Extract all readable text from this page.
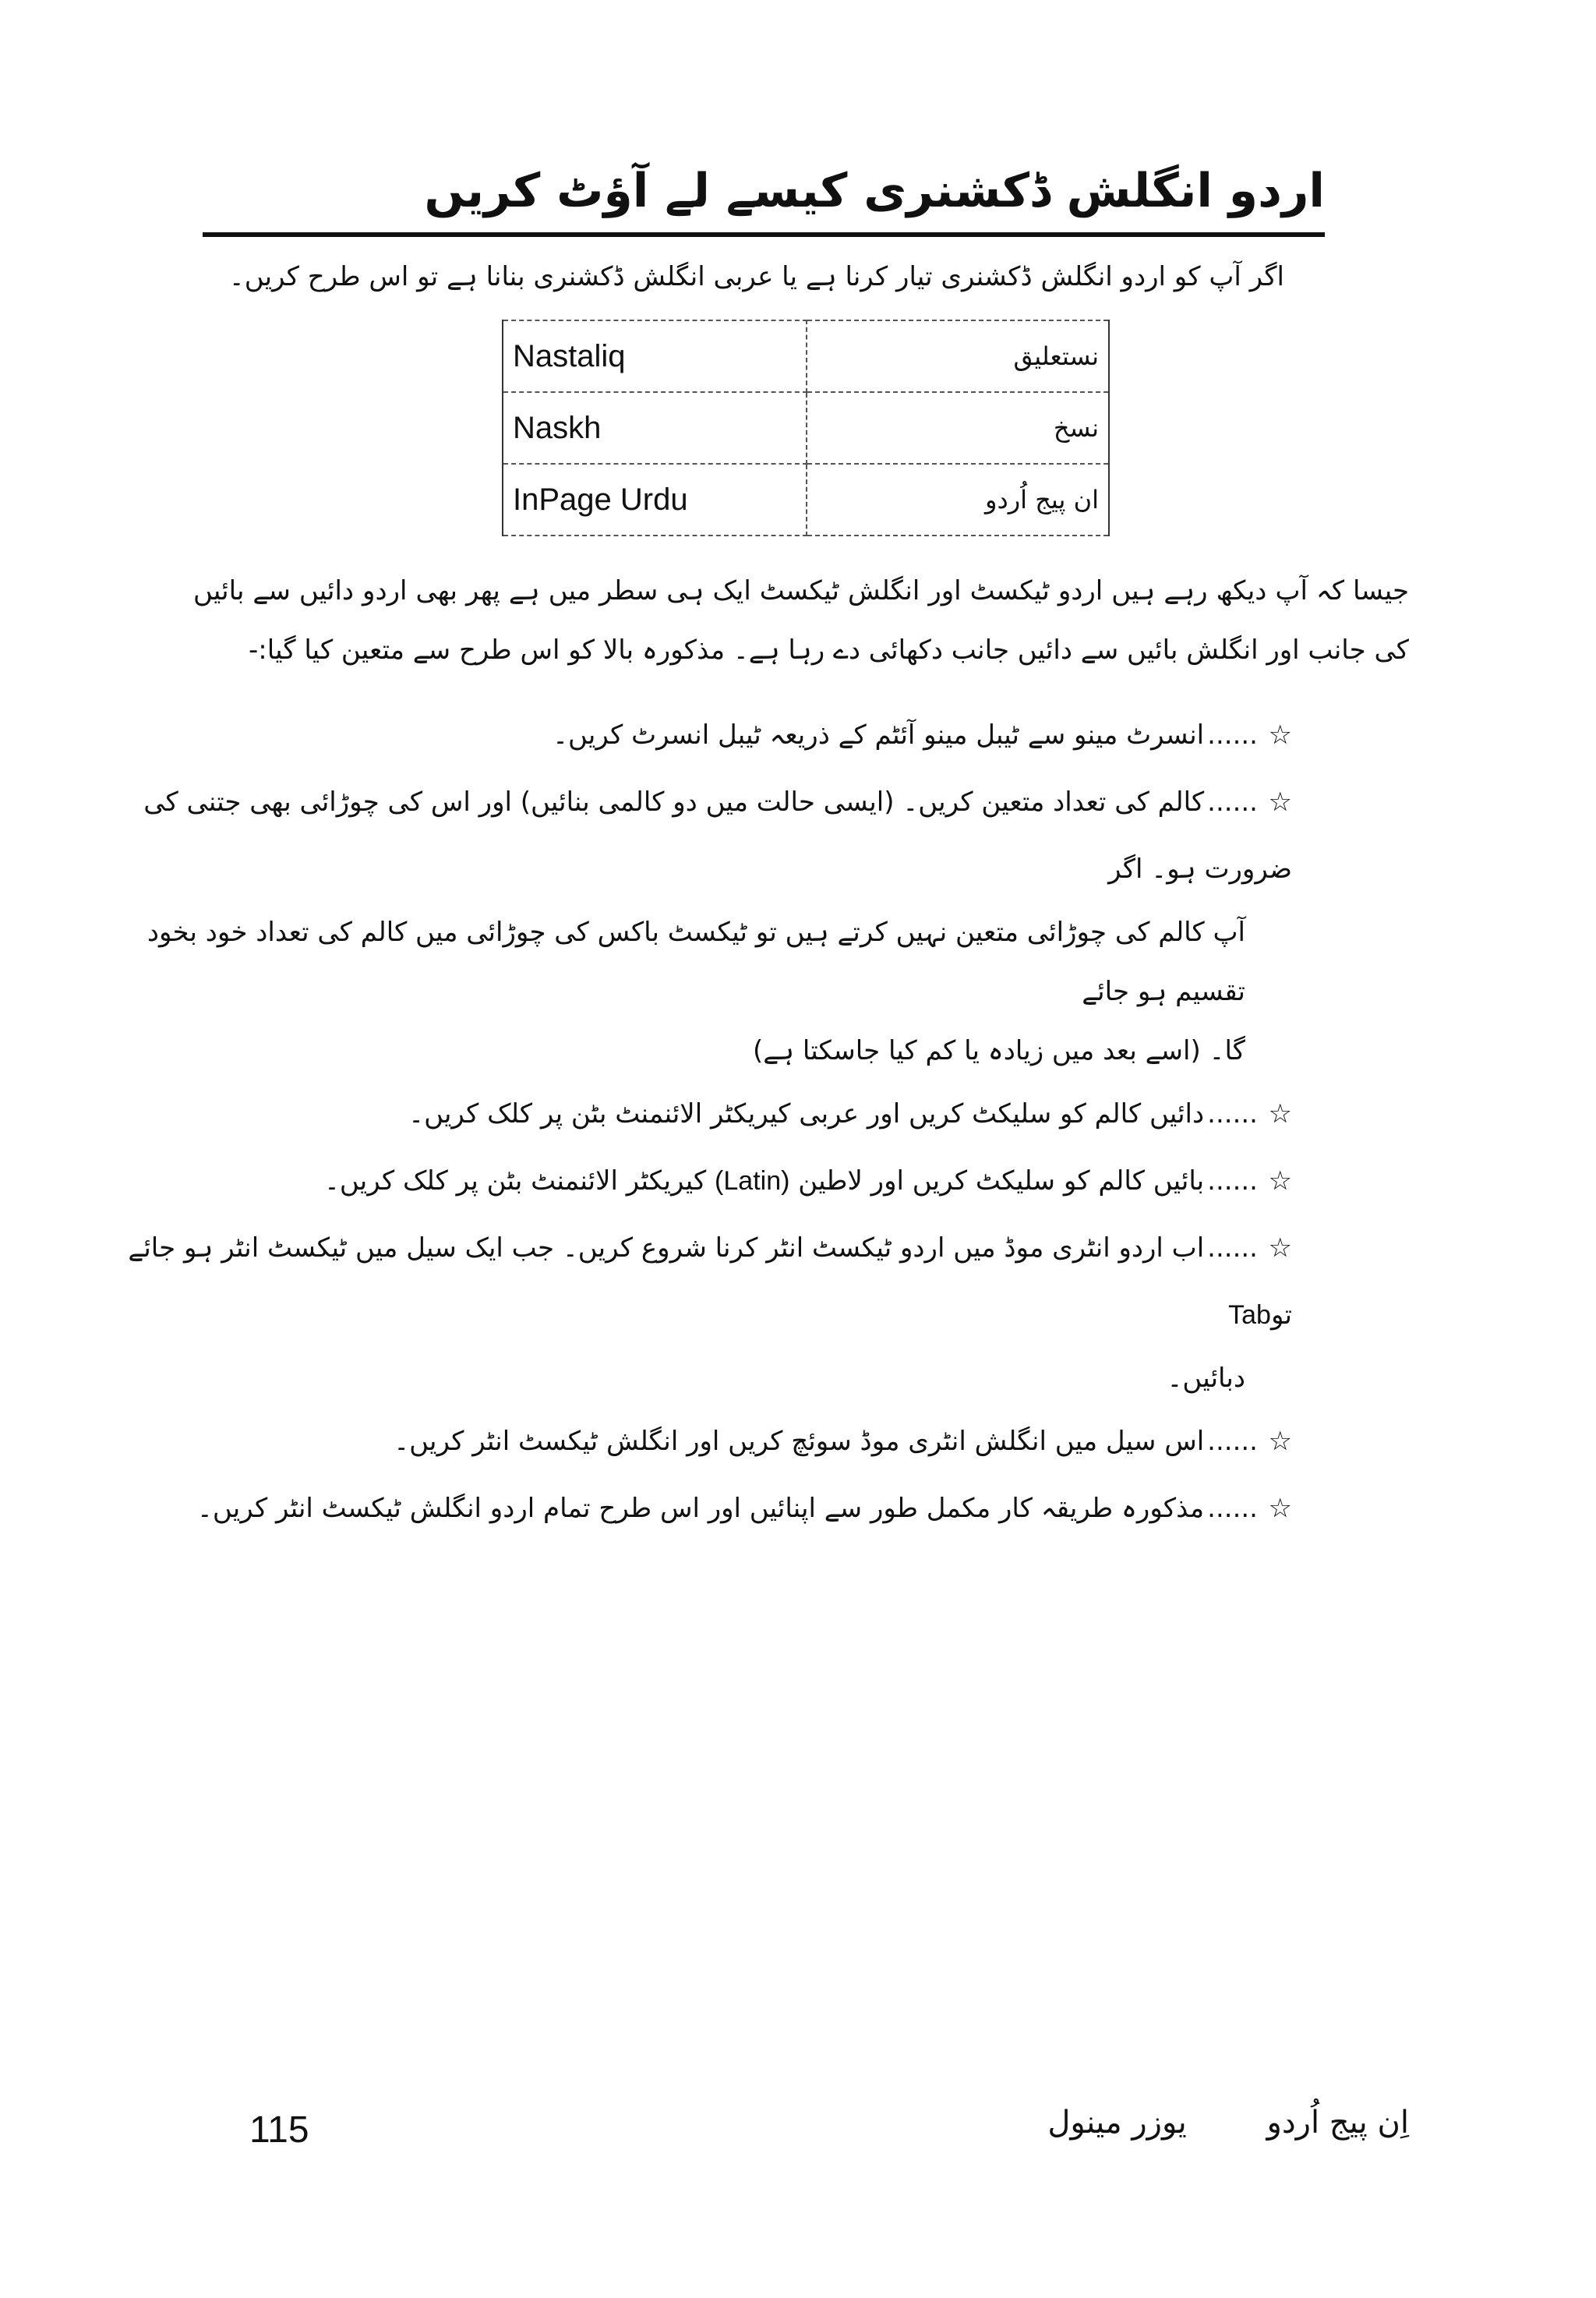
اردو انگلش ڈکشنری کیسے لے آؤٹ کریں

اگر آپ کو اردو انگلش ڈکشنری تیار کرنا ہے یا عربی انگلش ڈکشنری بنانا ہے تو اس طرح کریں۔

Nastaliq	نستعلیق
Naskh	نسخ
InPage Urdu	ان پیج اُردو

جیسا کہ آپ دیکھ رہے ہیں اردو ٹیکسٹ اور انگلش ٹیکسٹ ایک ہی سطر میں ہے پھر بھی اردو دائیں سے بائیں کی جانب اور انگلش بائیں سے دائیں جانب دکھائی دے رہا ہے۔ مذکورہ بالا کو اس طرح سے متعین کیا گیا:-

☆......انسرٹ مینو سے ٹیبل مینو آئٹم کے ذریعہ ٹیبل انسرٹ کریں۔
☆......کالم کی تعداد متعین کریں۔ (ایسی حالت میں دو کالمی بنائیں) اور اس کی چوڑائی بھی جتنی کی ضرورت ہو۔ اگر
آپ کالم کی چوڑائی متعین نہیں کرتے ہیں تو ٹیکسٹ باکس کی چوڑائی میں کالم کی تعداد خود بخود تقسیم ہو جائے
گا۔ (اسے بعد میں زیادہ یا کم کیا جاسکتا ہے)
☆......دائیں کالم کو سلیکٹ کریں اور عربی کیریکٹر الائنمنٹ بٹن پر کلک کریں۔
☆......بائیں کالم کو سلیکٹ کریں اور لاطین (Latin) کیریکٹر الائنمنٹ بٹن پر کلک کریں۔
☆......اب اردو انٹری موڈ میں اردو ٹیکسٹ انٹر کرنا شروع کریں۔ جب ایک سیل میں ٹیکسٹ انٹر ہو جائے توTab
دبائیں۔
☆......اس سیل میں انگلش انٹری موڈ سوئچ کریں اور انگلش ٹیکسٹ انٹر کریں۔
☆......مذکورہ طریقہ کار مکمل طور سے اپنائیں اور اس طرح تمام اردو انگلش ٹیکسٹ انٹر کریں۔

115	اِن پیج اُردو یوزر مینول
